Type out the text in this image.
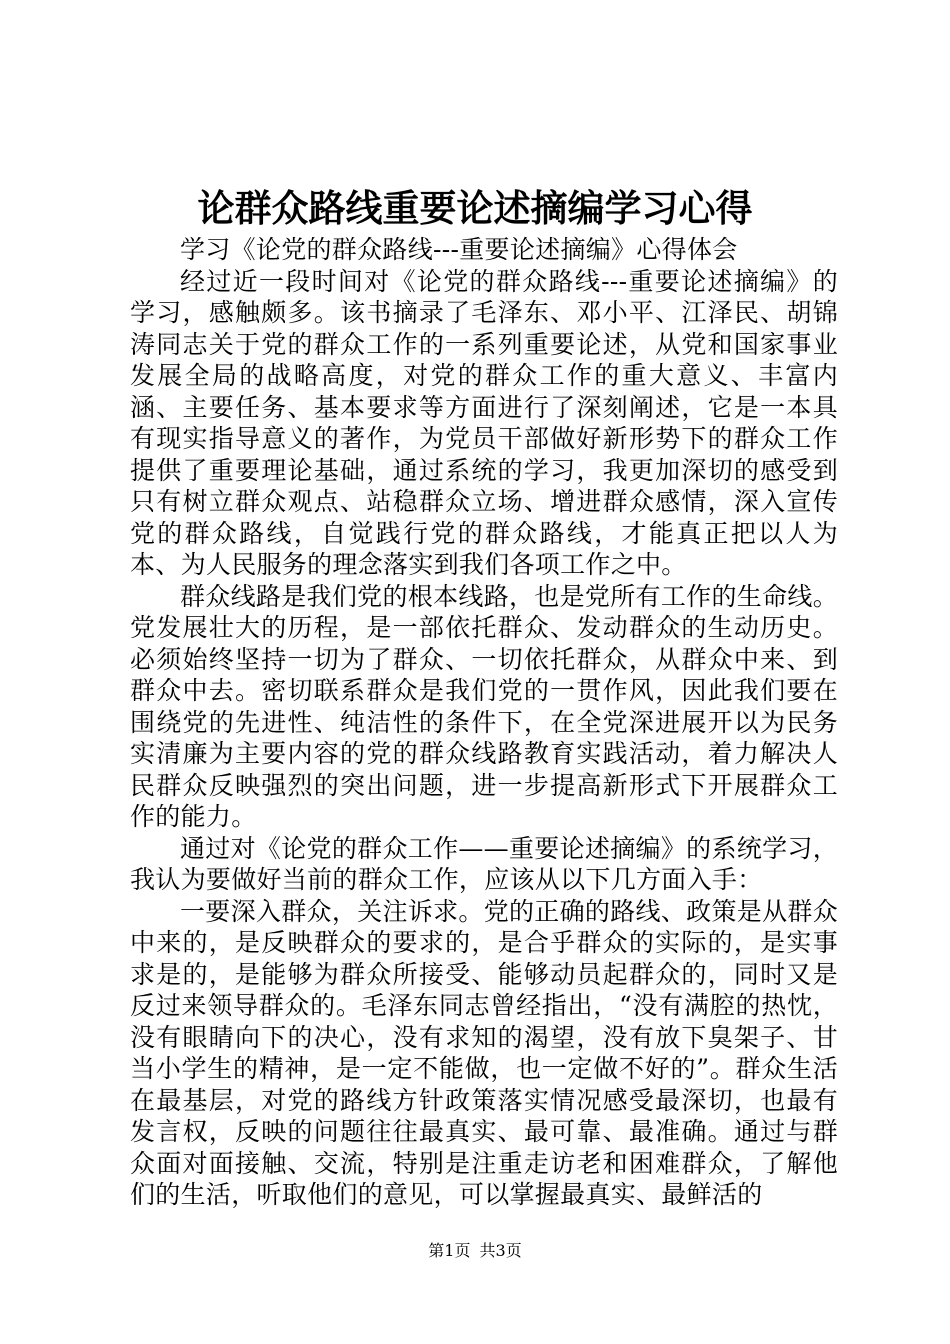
论群众路线重要论述摘编学习心得

学习《论党的群众路线---重要论述摘编》心得体会

经过近一段时间对《论党的群众路线---重要论述摘编》的学习，感触颇多。该书摘录了毛泽东、邓小平、江泽民、胡锦涛同志关于党的群众工作的一系列重要论述，从党和国家事业发展全局的战略高度，对党的群众工作的重大意义、丰富内涵、主要任务、基本要求等方面进行了深刻阐述，它是一本具有现实指导意义的著作，为党员干部做好新形势下的群众工作提供了重要理论基础，通过系统的学习，我更加深切的感受到只有树立群众观点、站稳群众立场、增进群众感情，深入宣传党的群众路线，自觉践行党的群众路线，才能真正把以人为本、为人民服务的理念落实到我们各项工作之中。

群众线路是我们党的根本线路，也是党所有工作的生命线。党发展壮大的历程，是一部依托群众、发动群众的生动历史。必须始终坚持一切为了群众、一切依托群众，从群众中来、到群众中去。密切联系群众是我们党的一贯作风，因此我们要在围绕党的先进性、纯洁性的条件下，在全党深进展开以为民务实清廉为主要内容的党的群众线路教育实践活动，着力解决人民群众反映强烈的突出问题，进一步提高新形式下开展群众工作的能力。

通过对《论党的群众工作——重要论述摘编》的系统学习，我认为要做好当前的群众工作，应该从以下几方面入手：

一要深入群众，关注诉求。党的正确的路线、政策是从群众中来的，是反映群众的要求的，是合乎群众的实际的，是实事求是的，是能够为群众所接受、能够动员起群众的，同时又是反过来领导群众的。毛泽东同志曾经指出，“没有满腔的热忱，没有眼睛向下的决心，没有求知的渴望，没有放下臭架子、甘当小学生的精神，是一定不能做，也一定做不好的”。群众生活在最基层，对党的路线方针政策落实情况感受最深切，也最有发言权，反映的问题往往最真实、最可靠、最准确。通过与群众面对面接触、交流，特别是注重走访老和困难群众，了解他们的生活，听取他们的意见，可以掌握最真实、最鲜活的

第1页 共3页
